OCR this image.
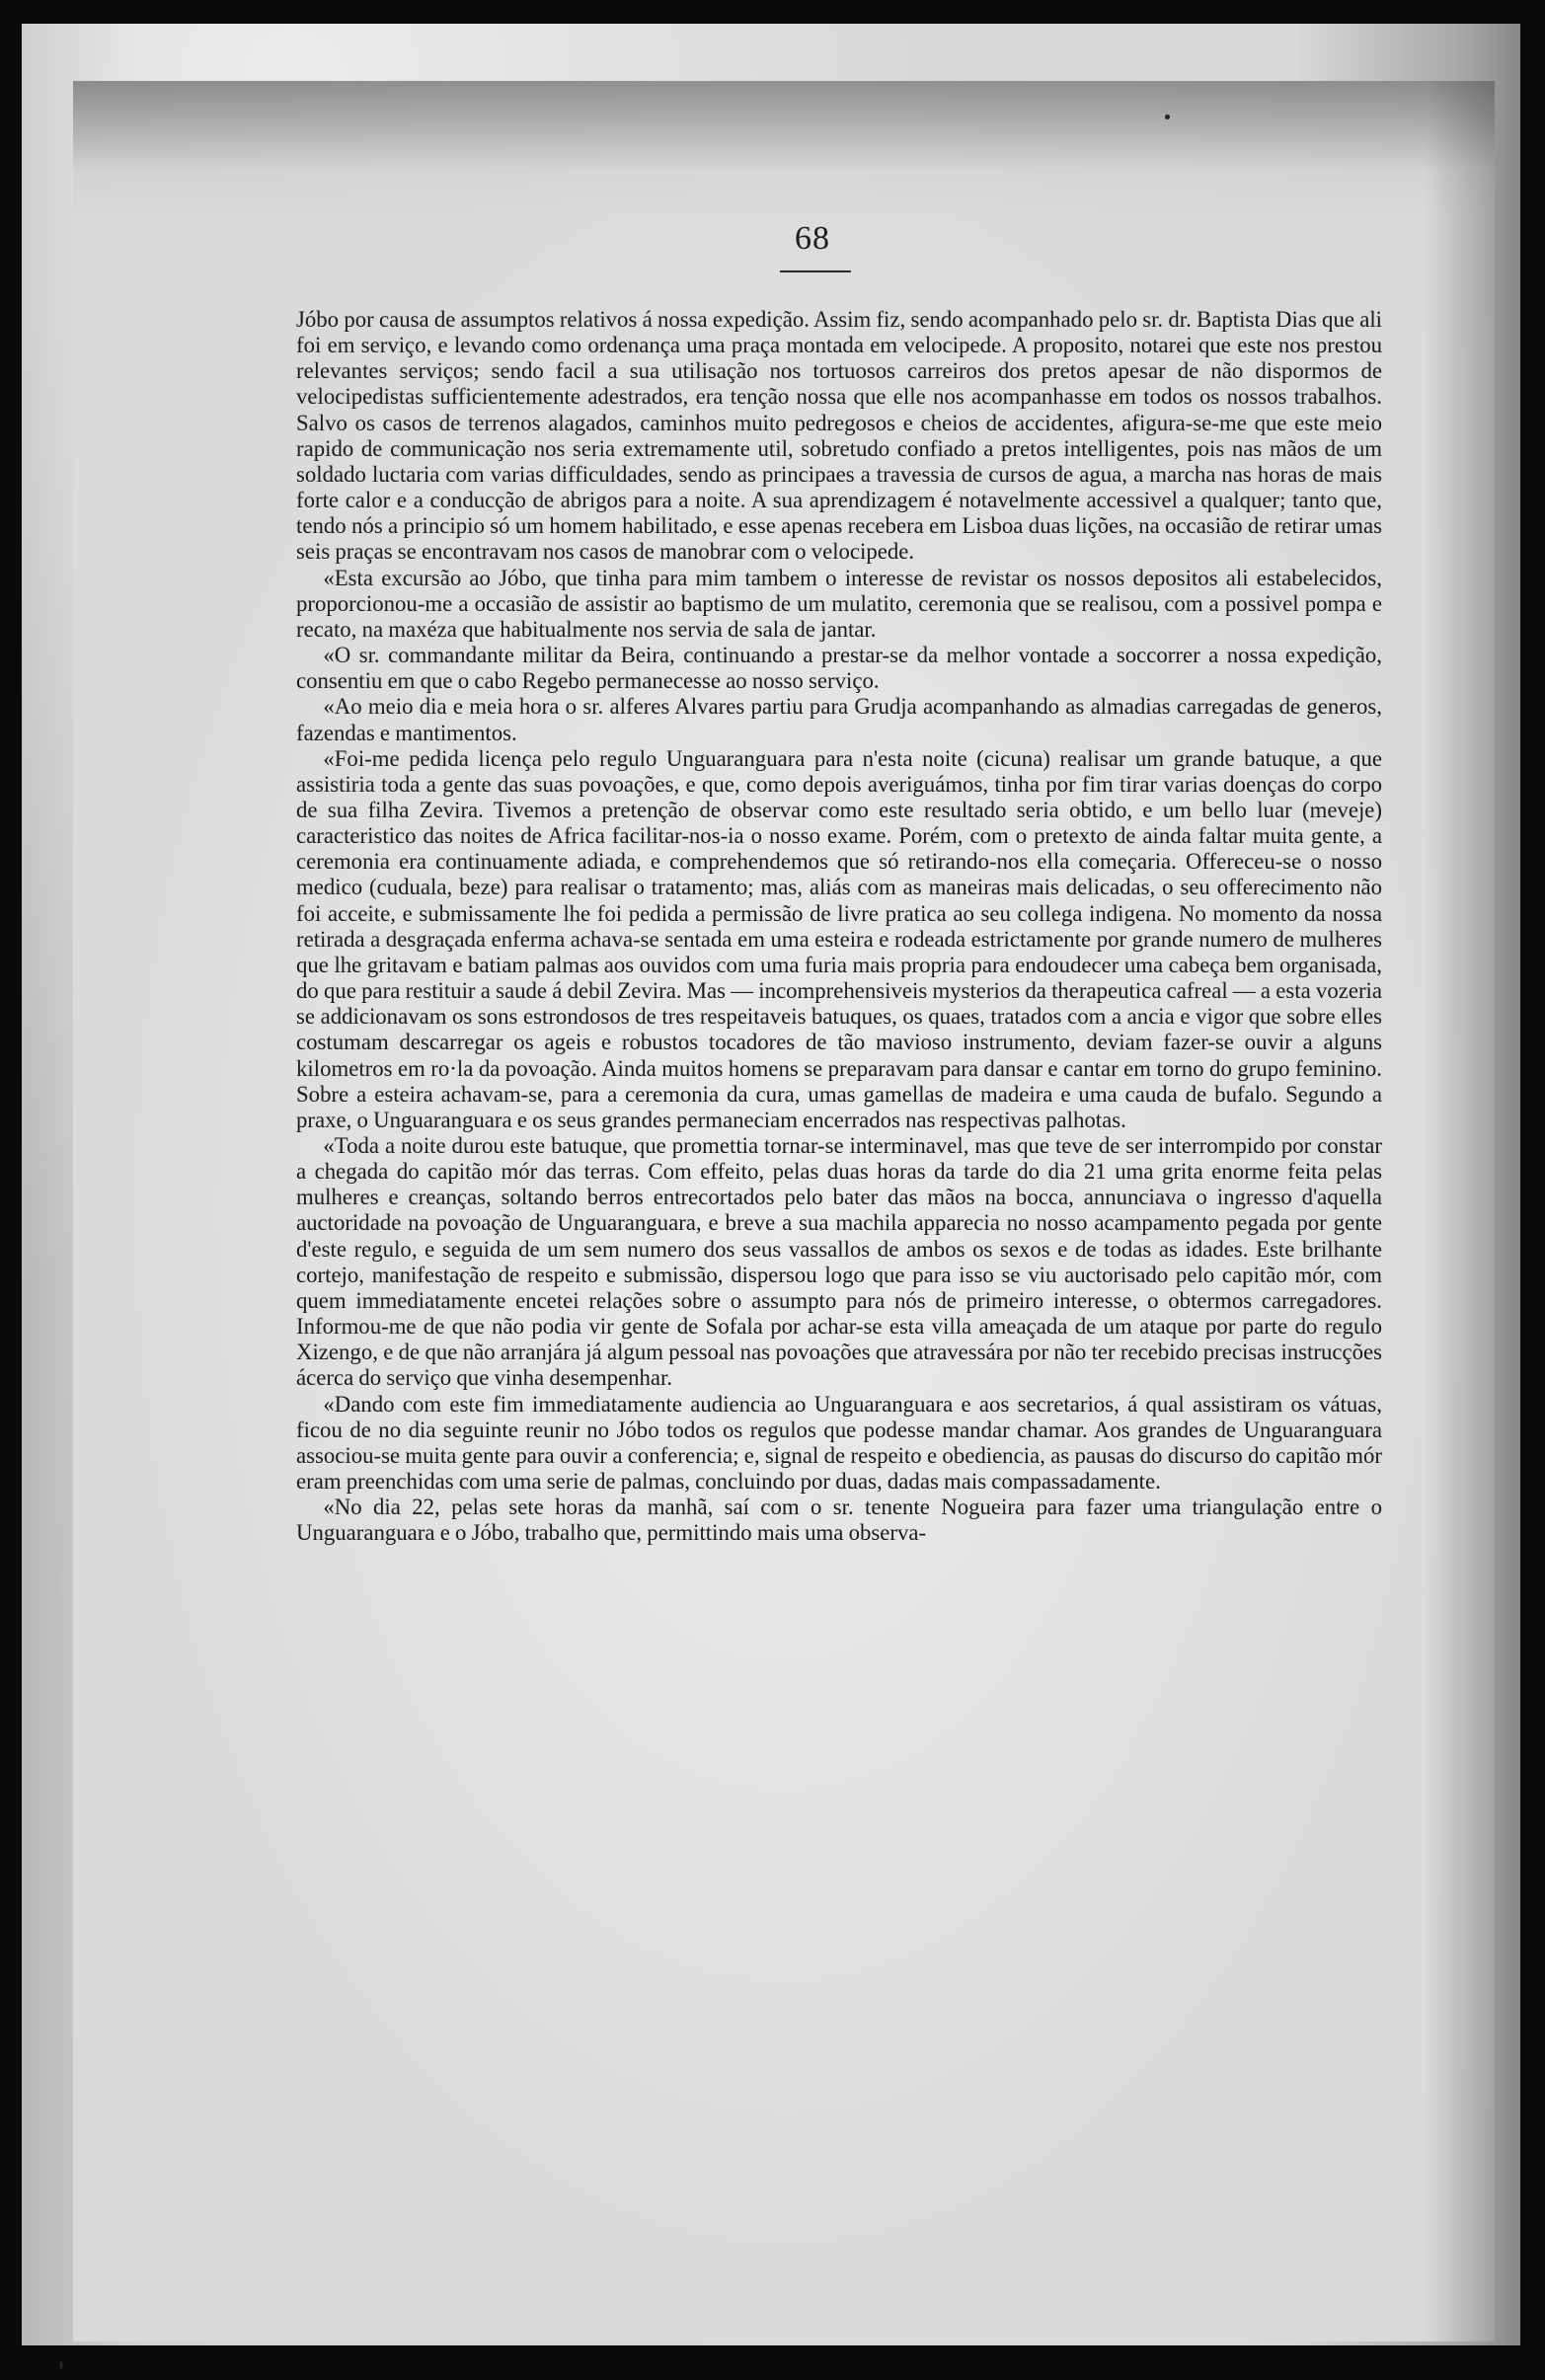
68

Jóbo por causa de assumptos relativos á nossa expedição. Assim fiz, sendo acompanhado pelo sr. dr. Baptista Dias que ali foi em serviço, e levando como ordenança uma praça montada em velocipede. A proposito, notarei que este nos prestou relevantes serviços; sendo facil a sua utilisação nos tortuosos carreiros dos pretos apesar de não dispormos de velocipedistas sufficientemente adestrados, era tenção nossa que elle nos acompanhasse em todos os nossos trabalhos. Salvo os casos de terrenos alagados, caminhos muito pedregosos e cheios de accidentes, afigura-se-me que este meio rapido de communicação nos seria extremamente util, sobretudo confiado a pretos intelligentes, pois nas mãos de um soldado luctaria com varias difficuldades, sendo as principaes a travessia de cursos de agua, a marcha nas horas de mais forte calor e a conducção de abrigos para a noite. A sua aprendizagem é notavelmente accessivel a qualquer; tanto que, tendo nós a principio só um homem habilitado, e esse apenas recebera em Lisboa duas lições, na occasião de retirar umas seis praças se encontravam nos casos de manobrar com o velocipede.

«Esta excursão ao Jóbo, que tinha para mim tambem o interesse de revistar os nossos depositos ali estabelecidos, proporcionou-me a occasião de assistir ao baptismo de um mulatito, ceremonia que se realisou, com a possivel pompa e recato, na maxéza que habitualmente nos servia de sala de jantar.

«O sr. commandante militar da Beira, continuando a prestar-se da melhor vontade a soccorrer a nossa expedição, consentiu em que o cabo Regebo permanecesse ao nosso serviço.

«Ao meio dia e meia hora o sr. alferes Alvares partiu para Grudja acompanhando as almadias carregadas de generos, fazendas e mantimentos.

«Foi-me pedida licença pelo regulo Unguaranguara para n'esta noite (cicuna) realisar um grande batuque, a que assistiria toda a gente das suas povoações, e que, como depois averiguámos, tinha por fim tirar varias doenças do corpo de sua filha Zevira. Tivemos a pretenção de observar como este resultado seria obtido, e um bello luar (meveje) caracteristico das noites de Africa facilitar-nos-ia o nosso exame. Porém, com o pretexto de ainda faltar muita gente, a ceremonia era continuamente adiada, e comprehendemos que só retirando-nos ella começaria. Offereceu-se o nosso medico (cuduala, beze) para realisar o tratamento; mas, aliás com as maneiras mais delicadas, o seu offerecimento não foi acceite, e submissamente lhe foi pedida a permissão de livre pratica ao seu collega indigena. No momento da nossa retirada a desgraçada enferma achava-se sentada em uma esteira e rodeada estrictamente por grande numero de mulheres que lhe gritavam e batiam palmas aos ouvidos com uma furia mais propria para endoudecer uma cabeça bem organisada, do que para restituir a saude á debil Zevira. Mas — incomprehensiveis mysterios da therapeutica cafreal — a esta vozeria se addicionavam os sons estrondosos de tres respeitaveis batuques, os quaes, tratados com a ancia e vigor que sobre elles costumam descarregar os ageis e robustos tocadores de tão mavioso instrumento, deviam fazer-se ouvir a alguns kilometros em ro·la da povoação. Ainda muitos homens se preparavam para dansar e cantar em torno do grupo feminino. Sobre a esteira achavam-se, para a ceremonia da cura, umas gamellas de madeira e uma cauda de bufalo. Segundo a praxe, o Unguaranguara e os seus grandes permaneciam encerrados nas respectivas palhotas.

«Toda a noite durou este batuque, que promettia tornar-se interminavel, mas que teve de ser interrompido por constar a chegada do capitão mór das terras. Com effeito, pelas duas horas da tarde do dia 21 uma grita enorme feita pelas mulheres e creanças, soltando berros entrecortados pelo bater das mãos na bocca, annunciava o ingresso d'aquella auctoridade na povoação de Unguaranguara, e breve a sua machila apparecia no nosso acampamento pegada por gente d'este regulo, e seguida de um sem numero dos seus vassallos de ambos os sexos e de todas as idades. Este brilhante cortejo, manifestação de respeito e submissão, dispersou logo que para isso se viu auctorisado pelo capitão mór, com quem immediatamente encetei relações sobre o assumpto para nós de primeiro interesse, o obtermos carregadores. Informou-me de que não podia vir gente de Sofala por achar-se esta villa ameaçada de um ataque por parte do regulo Xizengo, e de que não arranjára já algum pessoal nas povoações que atravessára por não ter recebido precisas instrucções ácerca do serviço que vinha desempenhar.

«Dando com este fim immediatamente audiencia ao Unguaranguara e aos secretarios, á qual assistiram os vátuas, ficou de no dia seguinte reunir no Jóbo todos os regulos que podesse mandar chamar. Aos grandes de Unguaranguara associou-se muita gente para ouvir a conferencia; e, signal de respeito e obediencia, as pausas do discurso do capitão mór eram preenchidas com uma serie de palmas, concluindo por duas, dadas mais compassadamente.

«No dia 22, pelas sete horas da manhã, saí com o sr. tenente Nogueira para fazer uma triangulação entre o Unguaranguara e o Jóbo, trabalho que, permittindo mais uma observa-
